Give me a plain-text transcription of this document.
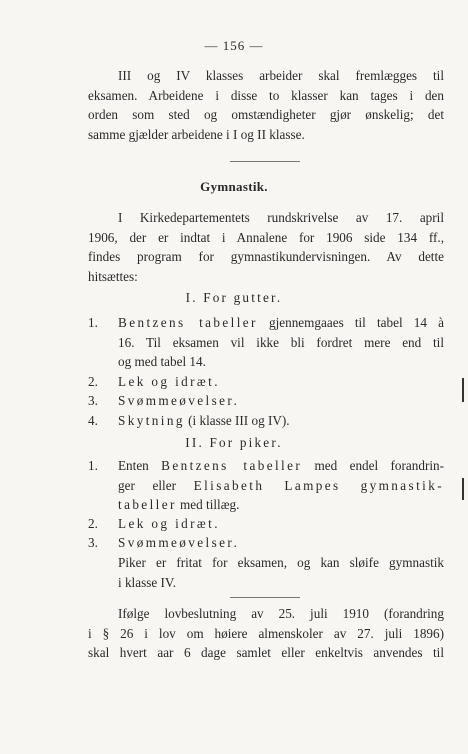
— 156 —
III og IV klasses arbeider skal fremlægges til
eksamen. Arbeidene i disse to klasser kan tages i den
orden som sted og omstændigheter gjør ønskelig; det
samme gjælder arbeidene i I og II klasse.
Gymnastik.
I Kirkedepartementets rundskrivelse av 17. april
1906, der er indtat i Annalene for 1906 side 134 ff.,
findes program for gymnastikundervisningen. Av dette
hitsættes:
I. For gutter.
1. Bentzens tabeller gjennemgaaes til tabel 14 à
16. Til eksamen vil ikke bli fordret mere end til
og med tabel 14.
2. Lek og idræt.
3. Svømmeøvelser.
4. Skytning (i klasse III og IV).
II. For piker.
1. Enten Bentzens tabeller med endel forandrin-
ger eller Elisabeth Lampes gymnastik-
tabeller med tillæg.
2. Lek og idræt.
3. Svømmeøvelser.
Piker er fritat for eksamen, og kan sløife gymnastik
i klasse IV.
Ifølge lovbeslutning av 25. juli 1910 (forandring
i § 26 i lov om høiere almenskoler av 27. juli 1896)
skal hvert aar 6 dage samlet eller enkeltvis anvendes til
